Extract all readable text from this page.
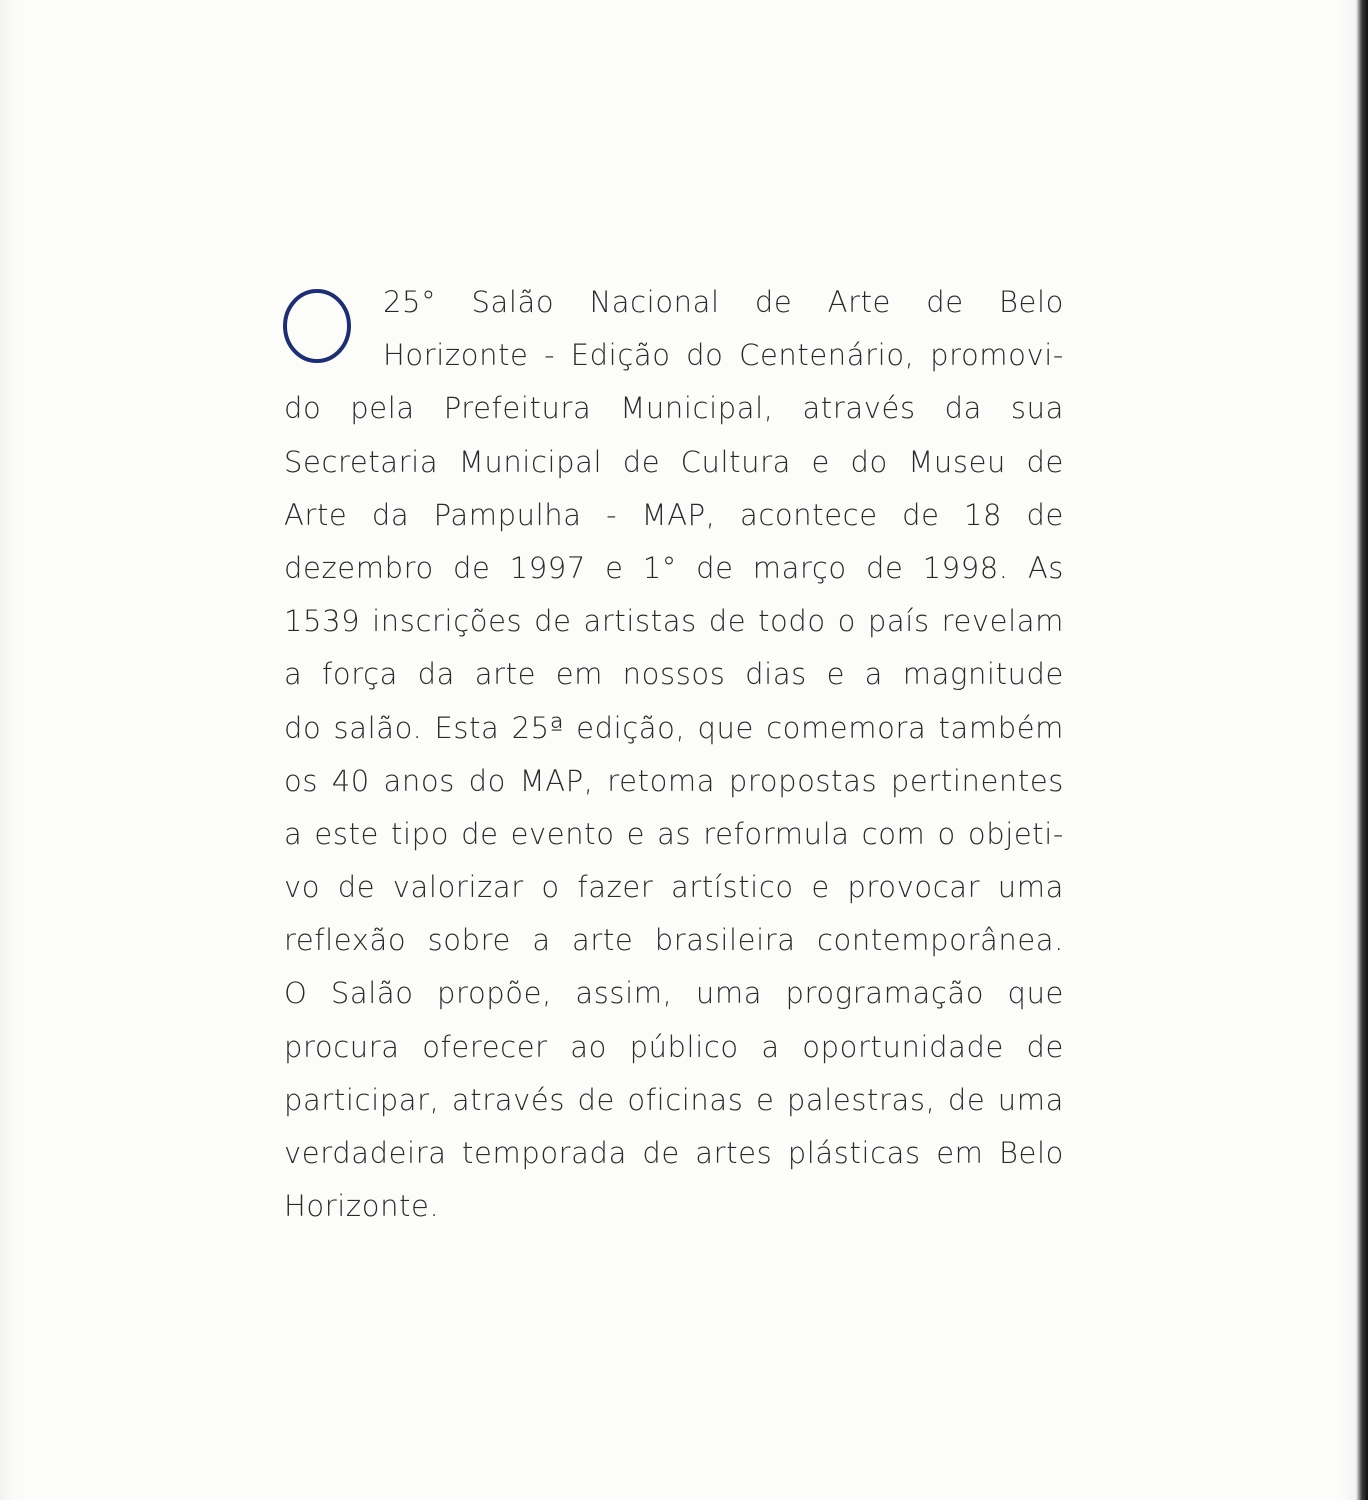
O
25° Salão Nacional de Arte de Belo
Horizonte - Edição do Centenário, promovi-
do pela Prefeitura Municipal, através da sua
Secretaria Municipal de Cultura e do Museu de
Arte da Pampulha - MAP, acontece de 18 de
dezembro de 1997 e 1° de março de 1998. As
1539 inscrições de artistas de todo o país revelam
a força da arte em nossos dias e a magnitude
do salão. Esta 25ª edição, que comemora também
os 40 anos do MAP, retoma propostas pertinentes
a este tipo de evento e as reformula com o objeti-
vo de valorizar o fazer artístico e provocar uma
reflexão sobre a arte brasileira contemporânea.
O Salão propõe, assim, uma programação que
procura oferecer ao público a oportunidade de
participar, através de oficinas e palestras, de uma
verdadeira temporada de artes plásticas em Belo
Horizonte.
